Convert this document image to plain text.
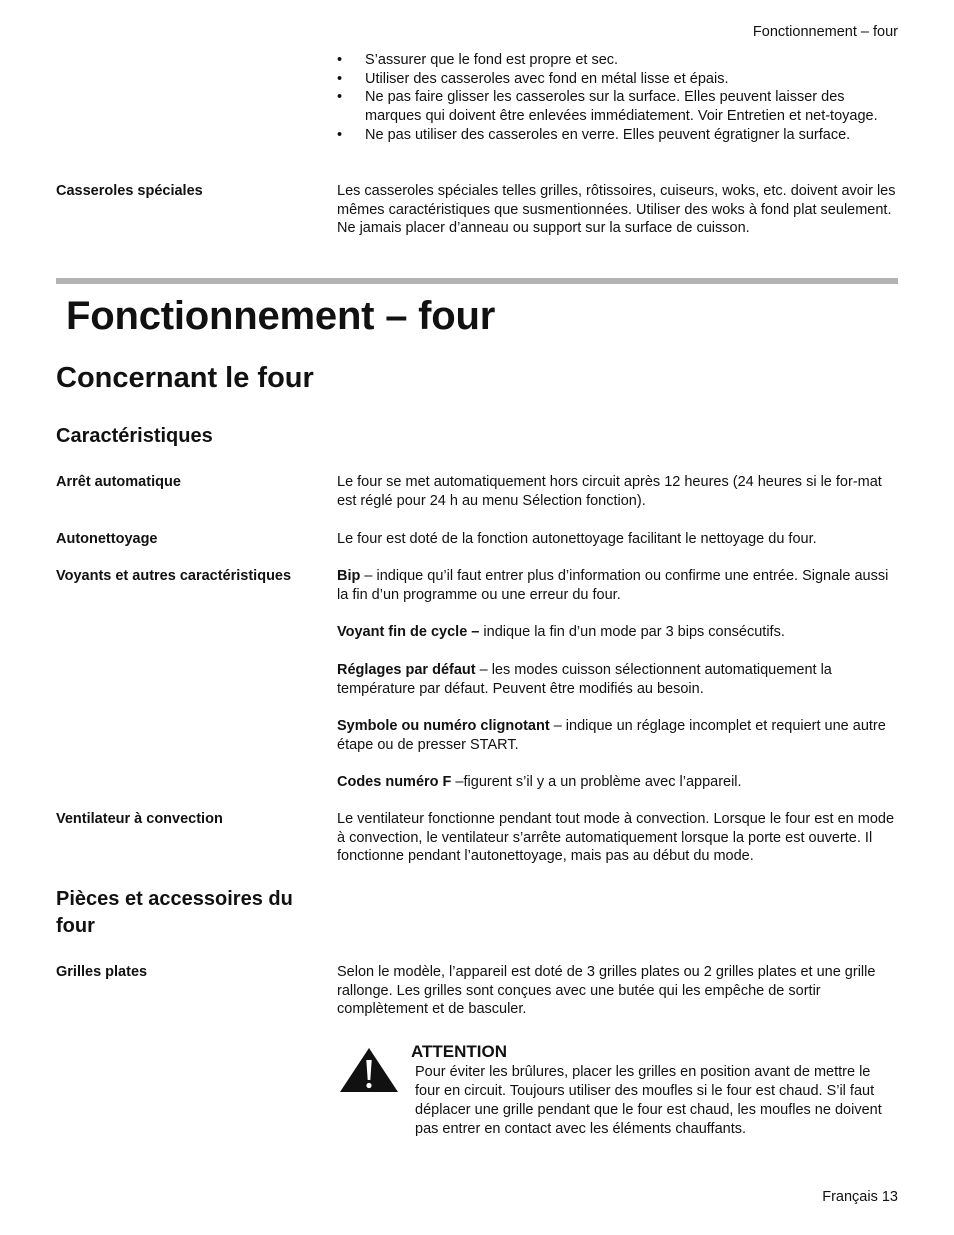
Fonctionnement – four
• S’assurer que le fond est propre et sec.
• Utiliser des casseroles avec fond en métal lisse et épais.
• Ne pas faire glisser les casseroles sur la surface. Elles peuvent laisser des marques qui doivent être enlevées immédiatement. Voir Entretien et net-toyage.
• Ne pas utiliser des casseroles en verre. Elles peuvent égratigner la surface.
Casseroles spéciales	Les casseroles spéciales telles grilles, rôtissoires, cuiseurs, woks, etc. doivent avoir les mêmes caractéristiques que susmentionnées. Utiliser des woks à fond plat seulement. Ne jamais placer d’anneau ou support sur la surface de cuisson.
Fonctionnement – four
Concernant le four
Caractéristiques
Arrêt automatique	Le four se met automatiquement hors circuit après 12 heures (24 heures si le for-mat est réglé pour 24 h au menu Sélection fonction).
Autonettoyage	Le four est doté de la fonction autonettoyage facilitant le nettoyage du four.
Voyants et autres caractéristiques	Bip – indique qu’il faut entrer plus d’information ou confirme une entrée. Signale aussi la fin d’un programme ou une erreur du four.
Voyant fin de cycle – indique la fin d’un mode par 3 bips consécutifs.
Réglages par défaut – les modes cuisson sélectionnent automatiquement la température par défaut. Peuvent être modifiés au besoin.
Symbole ou numéro clignotant – indique un réglage incomplet et requiert une autre étape ou de presser START.
Codes numéro F –figurent s’il y a un problème avec l’appareil.
Ventilateur à convection	Le ventilateur fonctionne pendant tout mode à convection. Lorsque le four est en mode à convection, le ventilateur s’arrête automatiquement lorsque la porte est ouverte. Il fonctionne pendant l’autonettoyage, mais pas au début du mode.
Pièces et accessoires du four
Grilles plates	Selon le modèle, l’appareil est doté de 3 grilles plates ou 2 grilles plates et une grille rallonge. Les grilles sont conçues avec une butée qui les empêche de sortir complètement et de basculer.
ATTENTION
Pour éviter les brûlures, placer les grilles en position avant de mettre le four en circuit. Toujours utiliser des moufles si le four est chaud. S’il faut déplacer une grille pendant que le four est chaud, les moufles ne doivent pas entrer en contact avec les éléments chauffants.
Français 13
